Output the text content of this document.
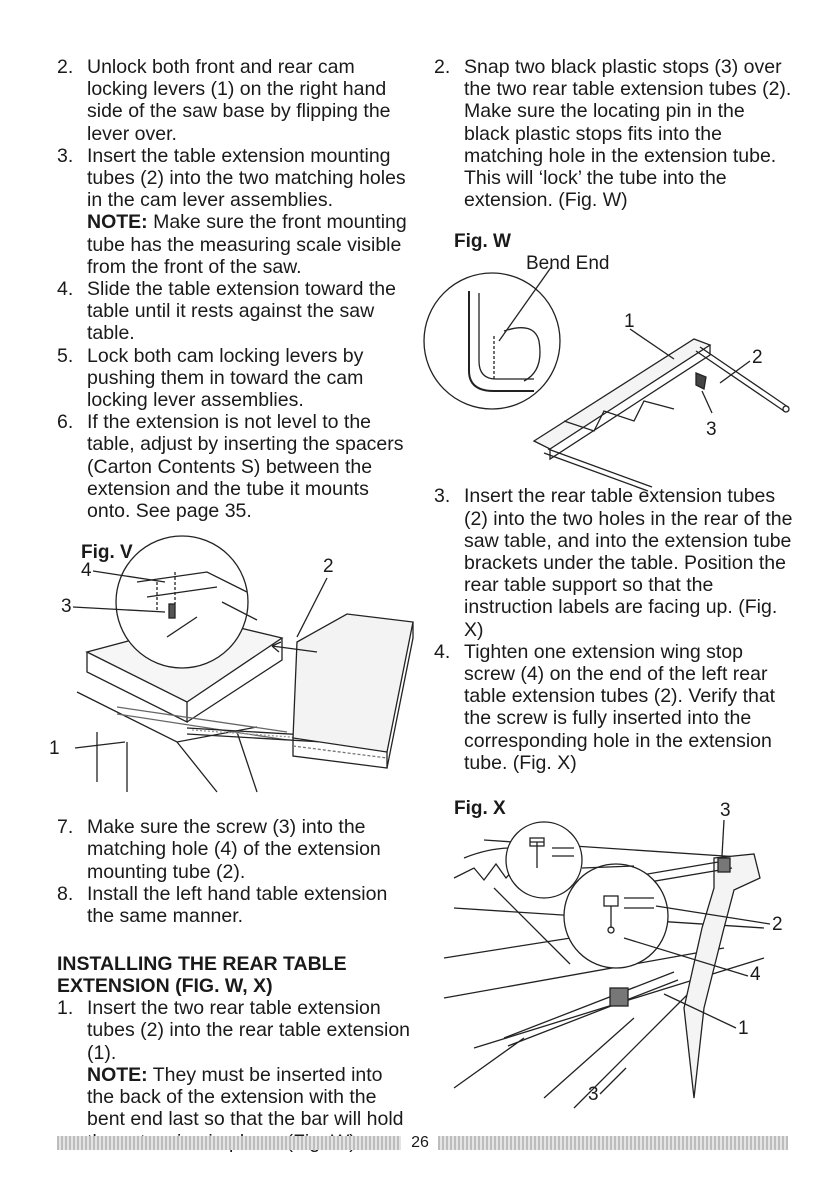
2. Unlock both front and rear cam locking levers (1) on the right hand side of the saw base by flipping the lever over.
3. Insert the table extension mounting tubes (2) into the two matching holes in the cam lever assemblies.
NOTE: Make sure the front mounting tube has the measuring scale visible from the front of the saw.
4. Slide the table extension toward the table until it rests against the saw table.
5. Lock both cam locking levers by pushing them in toward the cam locking lever assemblies.
6. If the extension is not level to the table, adjust by inserting the spacers (Carton Contents S) between the extension and the tube it mounts onto. See page 35.
Fig. V
4
3
2
1
7. Make sure the screw (3) into the matching hole (4) of the extension mounting tube (2).
8. Install the left hand table extension the same manner.
INSTALLING THE REAR TABLE EXTENSION (FIG. W, X)
1. Insert the two rear table extension tubes (2) into the rear table extension (1).
NOTE: They must be inserted into the back of the extension with the bent end last so that the bar will hold
2. Snap two black plastic stops (3) over the two rear table extension tubes (2). Make sure the locating pin in the black plastic stops fits into the matching hole in the extension tube. This will ‘lock’ the tube into the extension. (Fig. W)
Fig. W
Bend End
1
2
3
3. Insert the rear table extension tubes (2) into the two holes in the rear of the saw table, and into the extension tube brackets under the table. Position the rear table support so that the instruction labels are facing up. (Fig. X)
4. Tighten one extension wing stop screw (4) on the end of the left rear table extension tubes (2). Verify that the screw is fully inserted into the corresponding hole in the extension tube. (Fig. X)
Fig. X	3
2
4
1
3
26
